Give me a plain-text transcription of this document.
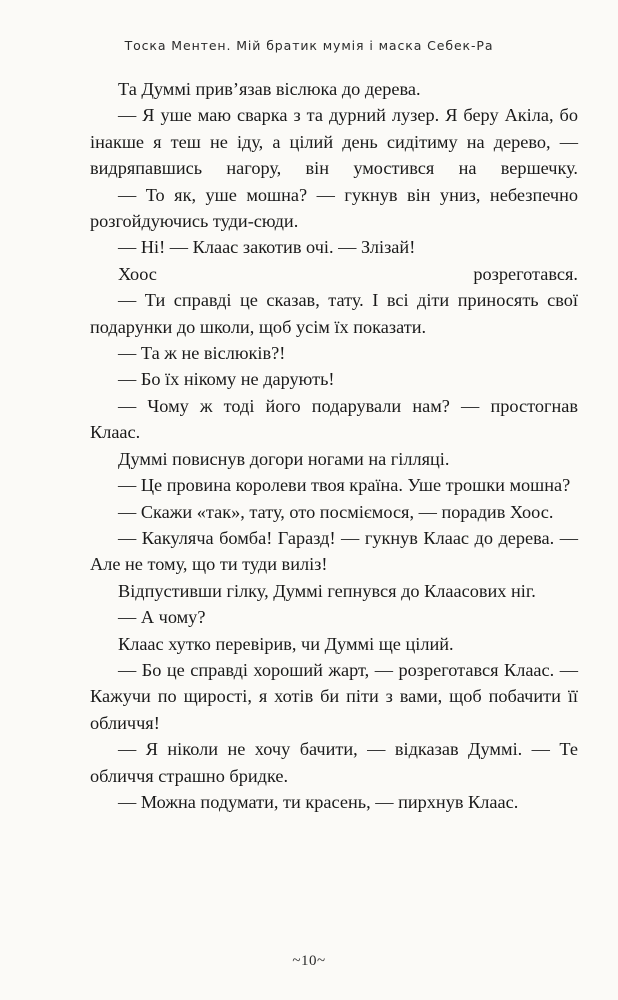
Тоска Ментен. Мій братик мумія і маска Себек-Ра

Та Думмі прив’язав віслюка до дерева.

— Я уше маю сварка з та дурний лузер. Я беру Акіла, бо інакше я теш не іду, а цілий день сидітиму на дерево, — видряпавшись нагору, він умостився на вершечку.

— То як, уше мошна? — гукнув він униз, небезпечно розгойдуючись туди-сюди.

— Ні! — Клаас закотив очі. — Злізай!

Хоос розреготався.

— Ти справді це сказав, тату. І всі діти приносять свої подарунки до школи, щоб усім їх показати.

— Та ж не віслюків?!

— Бо їх нікому не дарують!

— Чому ж тоді його подарували нам? — простогнав Клаас.

Думмі повиснув догори ногами на гілляці.

— Це провина королеви твоя країна. Уше трошки мошна?

— Скажи «так», тату, ото посміємося, — порадив Хоос.

— Какуляча бомба! Гаразд! — гукнув Клаас до дерева. — Але не тому, що ти туди виліз!

Відпустивши гілку, Думмі гепнувся до Клаасових ніг.

— А чому?

Клаас хутко перевірив, чи Думмі ще цілий.

— Бо це справді хороший жарт, — розреготався Клаас. — Кажучи по щирості, я хотів би піти з вами, щоб побачити її обличчя!

— Я ніколи не хочу бачити, — відказав Думмі. — Те обличчя страшно бридке.

— Можна подумати, ти красень, — пирхнув Клаас.

~10~
